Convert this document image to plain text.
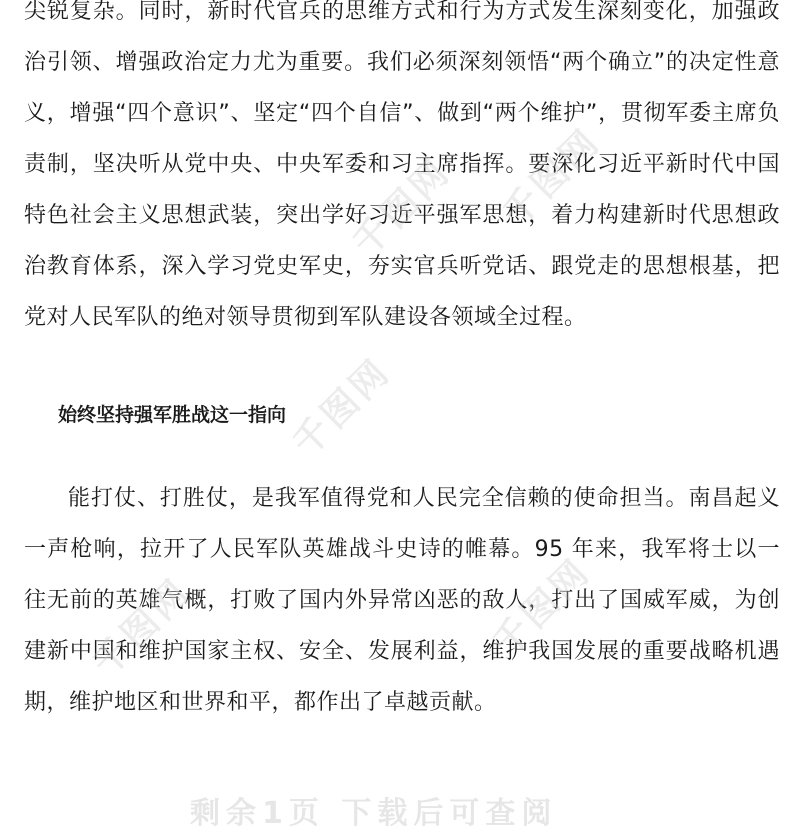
尖锐复杂。同时，新时代官兵的思维方式和行为方式发生深刻变化，加强政治引领、增强政治定力尤为重要。我们必须深刻领悟“两个确立”的决定性意义，增强“四个意识”、坚定“四个自信”、做到“两个维护”，贯彻军委主席负责制，坚决听从党中央、中央军委和习主席指挥。要深化习近平新时代中国特色社会主义思想武装，突出学好习近平强军思想，着力构建新时代思想政治教育体系，深入学习党史军史，夯实官兵听党话、跟党走的思想根基，把党对人民军队的绝对领导贯彻到军队建设各领域全过程。

始终坚持强军胜战这一指向

能打仗、打胜仗，是我军值得党和人民完全信赖的使命担当。南昌起义一声枪响，拉开了人民军队英雄战斗史诗的帷幕。95 年来，我军将士以一往无前的英雄气概，打败了国内外异常凶恶的敌人，打出了国威军威，为创建新中国和维护国家主权、安全、发展利益，维护我国发展的重要战略机遇期，维护地区和世界和平，都作出了卓越贡献。

千图网
千图网
千图网
千图网
千图网
剩余1页 下载后可查阅
